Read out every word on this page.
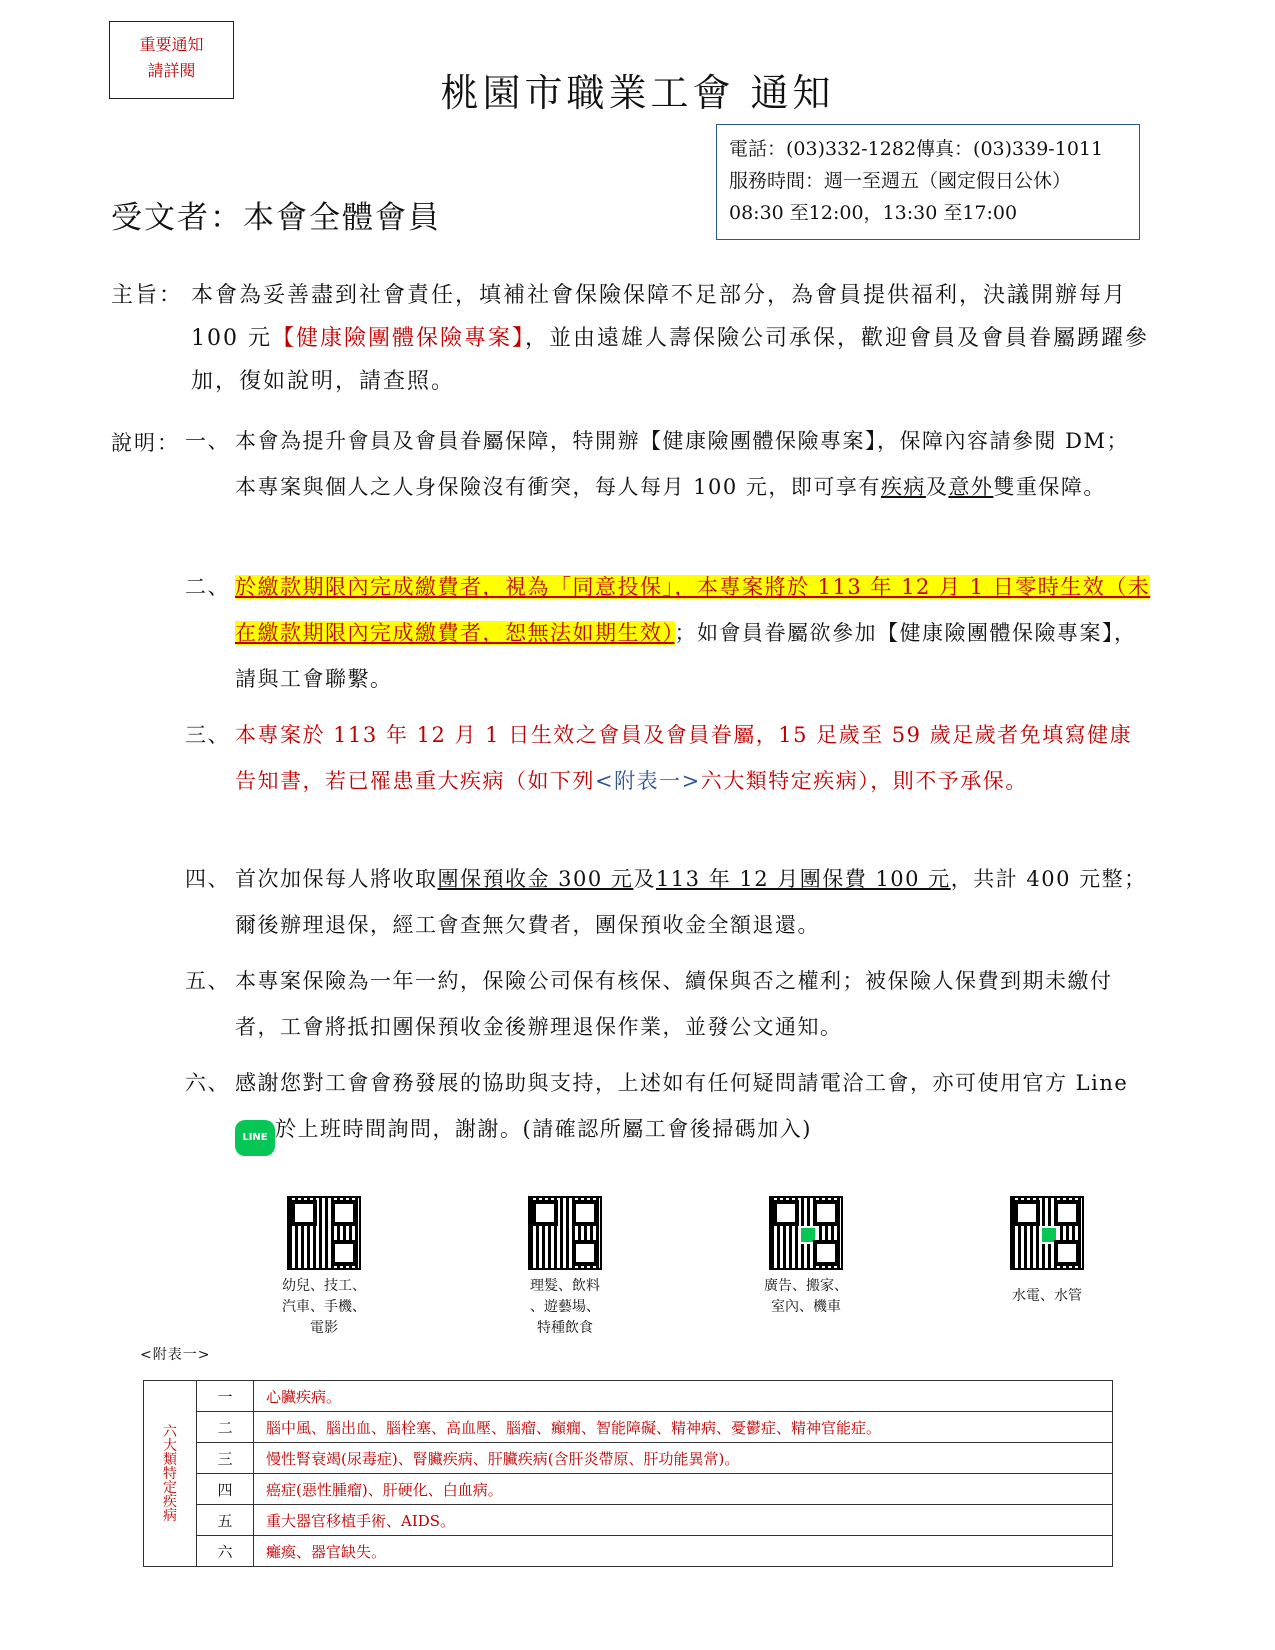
重要通知
請詳閱
桃園市職業工會 通知
電話：(03)332-1282傳真：(03)339-1011
服務時間：週一至週五（國定假日公休）
08:30 至12:00，13:30 至17:00
受文者：本會全體會員
主旨： 本會為妥善盡到社會責任，填補社會保險保障不足部分，為會員提供福利，決議開辦每月 100 元【健康險團體保險專案】，並由遠雄人壽保險公司承保，歡迎會員及會員眷屬踴躍參加，復如說明，請查照。
說明： 一、 本會為提升會員及會員眷屬保障，特開辦【健康險團體保險專案】，保障內容請參閱 DM；本專案與個人之人身保險沒有衝突，每人每月 100 元，即可享有疾病及意外雙重保障。
二、 於繳款期限內完成繳費者，視為「同意投保」，本專案將於 113 年 12 月 1 日零時生效（未在繳款期限內完成繳費者，恕無法如期生效）；如會員眷屬欲參加【健康險團體保險專案】，請與工會聯繫。
三、 本專案於 113 年 12 月 1 日生效之會員及會員眷屬，15 足歲至 59 歲足歲者免填寫健康告知書，若已罹患重大疾病（如下列<附表一>六大類特定疾病），則不予承保。
四、 首次加保每人將收取團保預收金 300 元及113 年 12 月團保費 100 元，共計 400 元整；爾後辦理退保，經工會查無欠費者，團保預收金全額退還。
五、 本專案保險為一年一約，保險公司保有核保、續保與否之權利；被保險人保費到期未繳付者，工會將抵扣團保預收金後辦理退保作業，並發公文通知。
六、 感謝您對工會會務發展的協助與支持，上述如有任何疑問請電洽工會，亦可使用官方 LineLINE 於上班時間詢問，謝謝。(請確認所屬工會後掃碼加入)
幼兒、技工、
汽車、手機、
電影
理髮、飲料
、遊藝場、
特種飲食
廣告、搬家、
室內、機車
水電、水管
<附表一>
六大類特定疾病	一	心臟疾病。
	二	腦中風、腦出血、腦栓塞、高血壓、腦瘤、癲癇、智能障礙、精神病、憂鬱症、精神官能症。
	三	慢性腎衰竭(尿毒症)、腎臟疾病、肝臟疾病(含肝炎帶原、肝功能異常)。
	四	癌症(惡性腫瘤)、肝硬化、白血病。
	五	重大器官移植手術、AIDS。
	六	癱瘓、器官缺失。
